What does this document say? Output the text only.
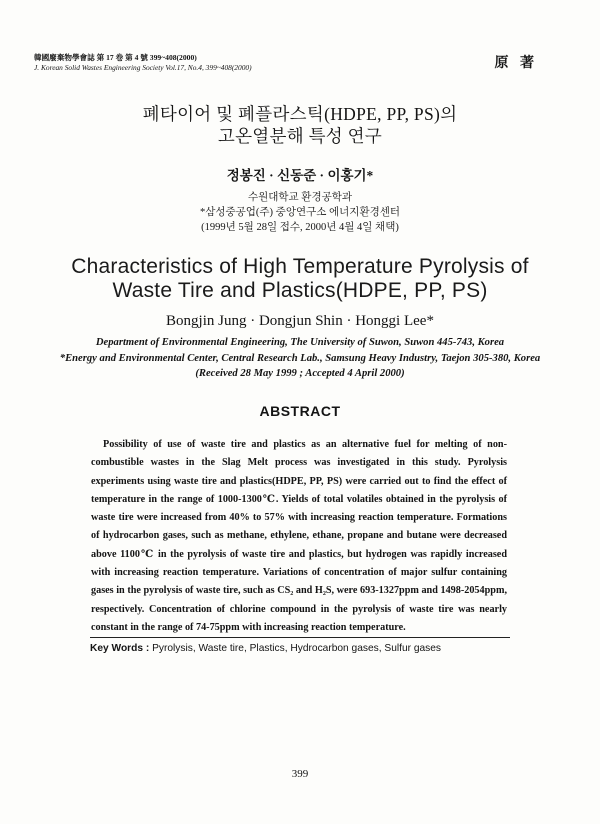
韓國廢棄物學會誌 第 17 卷 第 4 號 399~408(2000)
J. Korean Solid Wastes Engineering Society Vol.17, No.4, 399~408(2000)	原 著
폐타이어 및 폐플라스틱(HDPE, PP, PS)의
고온열분해 특성 연구
정봉진 · 신동준 · 이홍기*
수원대학교 환경공학과
*삼성중공업(주) 중앙연구소 에너지환경센터
(1999년 5월 28일 접수, 2000년 4월 4일 채택)
Characteristics of High Temperature Pyrolysis of
Waste Tire and Plastics(HDPE, PP, PS)
Bongjin Jung · Dongjun Shin · Honggi Lee*
Department of Environmental Engineering, The University of Suwon, Suwon 445-743, Korea
*Energy and Environmental Center, Central Research Lab., Samsung Heavy Industry, Taejon 305-380, Korea
(Received 28 May 1999 ; Accepted 4 April 2000)
ABSTRACT

Possibility of use of waste tire and plastics as an alternative fuel for melting of non-combustible wastes in the Slag Melt process was investigated in this study. Pyrolysis experiments using waste tire and plastics(HDPE, PP, PS) were carried out to find the effect of temperature in the range of 1000-1300℃. Yields of total volatiles obtained in the pyrolysis of waste tire were increased from 40% to 57% with increasing reaction temperature. Formations of hydrocarbon gases, such as methane, ethylene, ethane, propane and butane were decreased above 1100℃ in the pyrolysis of waste tire and plastics, but hydrogen was rapidly increased with increasing reaction temperature. Variations of concentration of major sulfur containing gases in the pyrolysis of waste tire, such as CS₂ and H₂S, were 693-1327ppm and 1498-2054ppm, respectively. Concentration of chlorine compound in the pyrolysis of waste tire was nearly constant in the range of 74-75ppm with increasing reaction temperature.

Key Words : Pyrolysis, Waste tire, Plastics, Hydrocarbon gases, Sulfur gases
399
